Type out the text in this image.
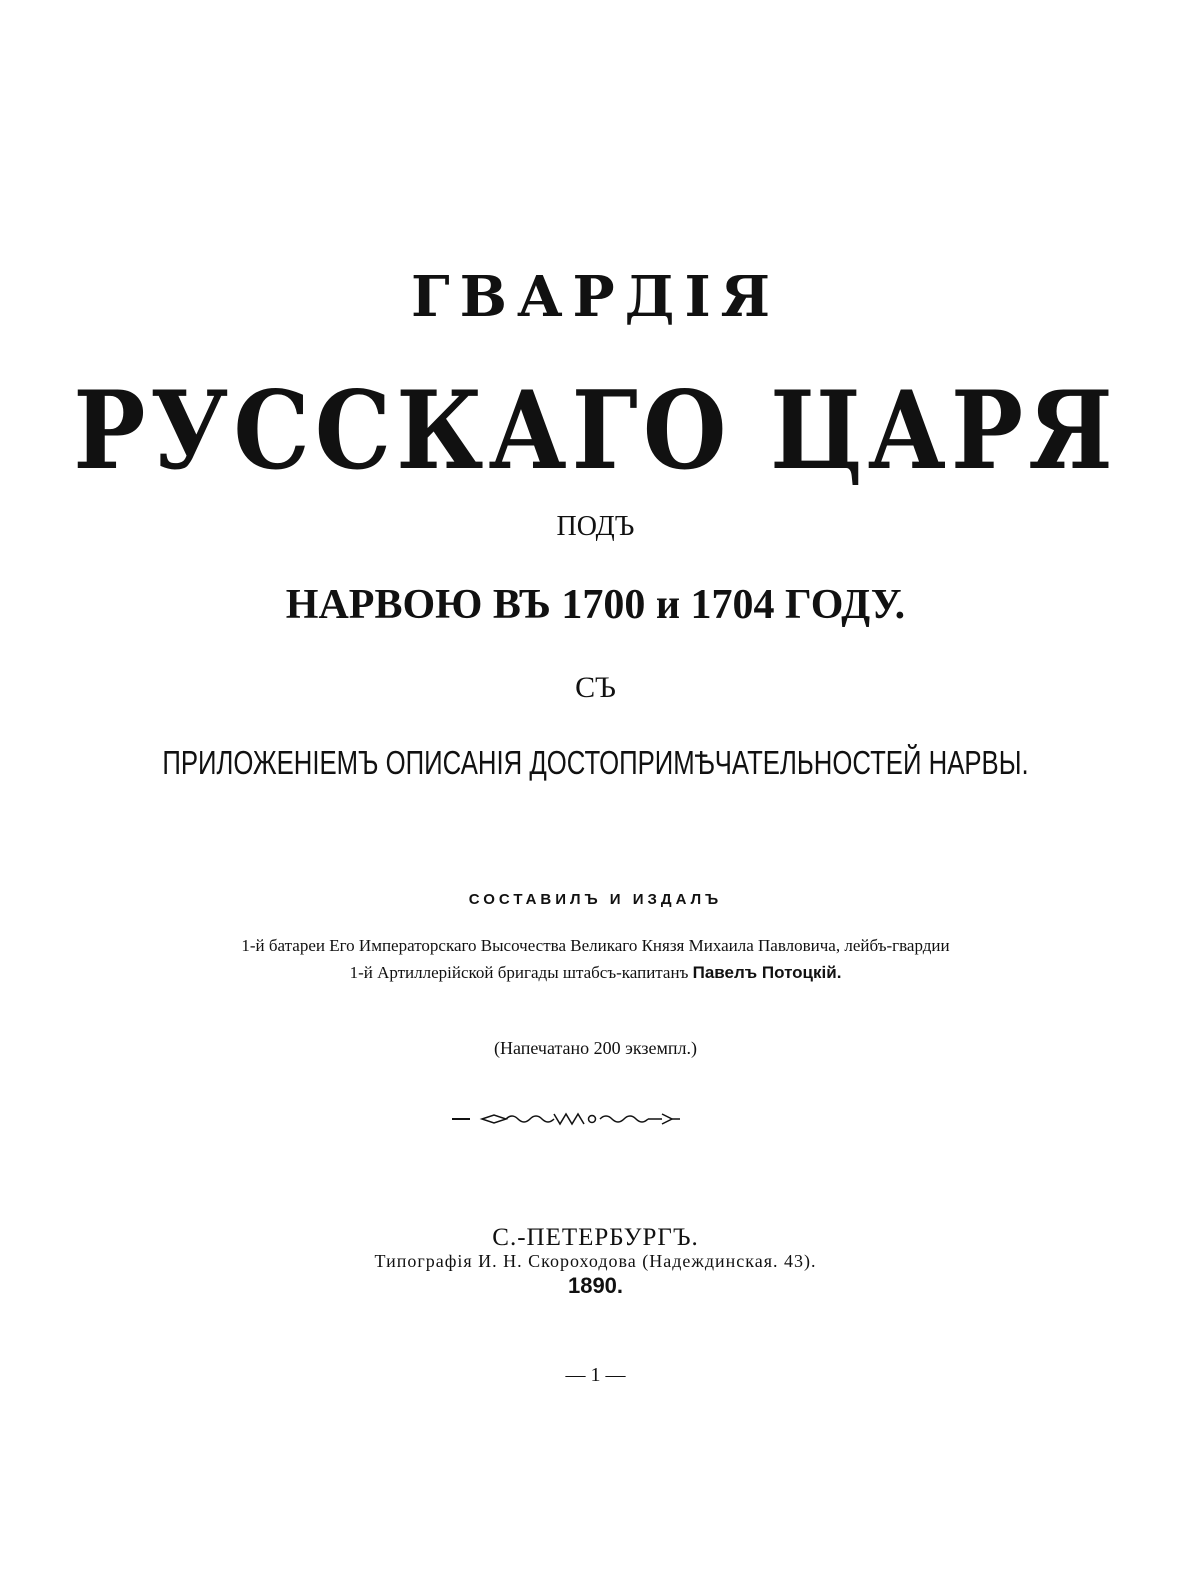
ГВАРДІЯ
РУССКАГО ЦАРЯ
ПОДЪ
НАРВОЮ ВЪ 1700 и 1704 ГОДУ.
СЪ
ПРИЛОЖЕНІЕМЪ ОПИСАНІЯ ДОСТОПРИМѢЧАТЕЛЬНОСТЕЙ НАРВЫ.
СОСТАВИЛЪ И ИЗДАЛЪ
1-й батареи Его Императорскаго Высочества Великаго Князя Михаила Павловича, лейбъ-гвардии
1-й Артиллерійской бригады штабсъ-капитанъ Павелъ Потоцкій.
(Напечатано 200 экземпл.)
С.-ПЕТЕРБУРГЪ.
Типографія И. Н. Скороходова (Надеждинская. 43).
1890.
— 1 —
